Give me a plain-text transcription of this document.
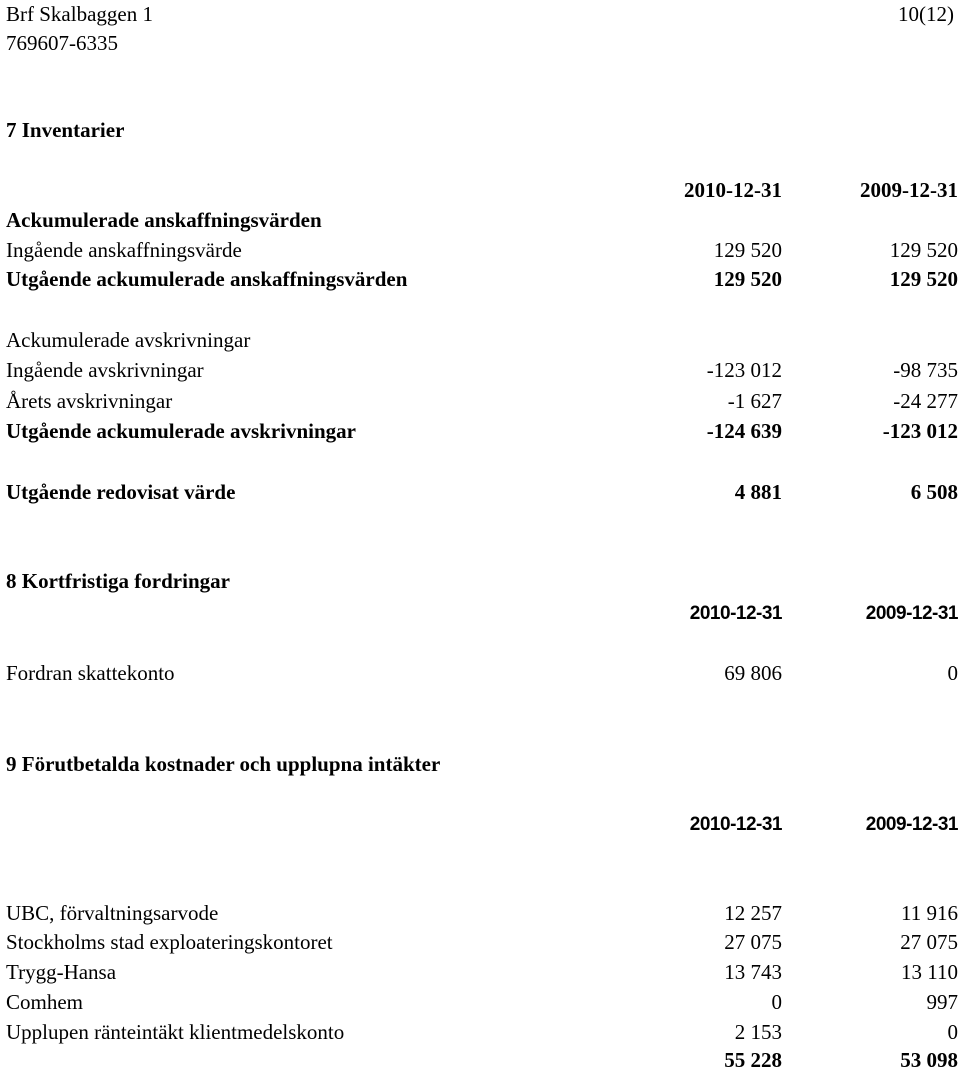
Brf Skalbaggen 1
769607-6335
10(12)
7 Inventarier
2010-12-31	2009-12-31
Ackumulerade anskaffningsvärden
Ingående anskaffningsvärde	129 520	129 520
Utgående ackumulerade anskaffningsvärden	129 520	129 520
Ackumulerade avskrivningar
Ingående avskrivningar	-123 012	-98 735
Årets avskrivningar	-1 627	-24 277
Utgående ackumulerade avskrivningar	-124 639	-123 012
Utgående redovisat värde	4 881	6 508
8 Kortfristiga fordringar
2010-12-31	2009-12-31
Fordran skattekonto	69 806	0
9 Förutbetalda kostnader och upplupna intäkter
2010-12-31	2009-12-31
UBC, förvaltningsarvode	12 257	11 916
Stockholms stad exploateringskontoret	27 075	27 075
Trygg-Hansa	13 743	13 110
Comhem	0	997
Upplupen ränteintäkt klientmedelskonto	2 153	0
55 228	53 098
